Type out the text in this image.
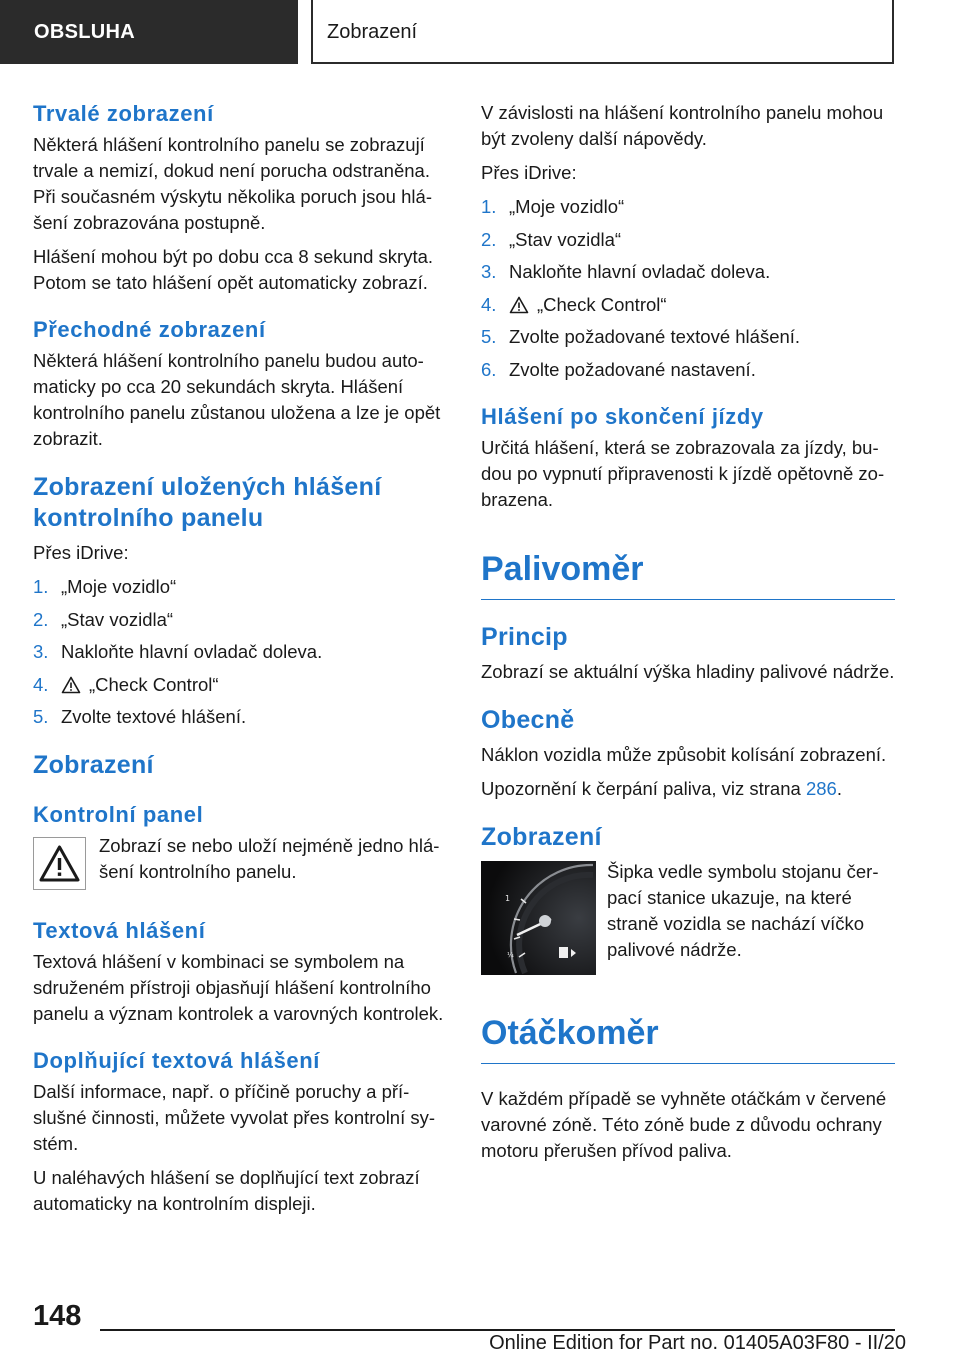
OBSLUHA	Zobrazení
Trvalé zobrazení

Některá hlášení kontrolního panelu se zobrazují trvale a nemizí, dokud není porucha odstraněna. Při současném výskytu několika poruch jsou hlášení zobrazována postupně.

Hlášení mohou být po dobu cca 8 sekund skryta. Potom se tato hlášení opět automaticky zobrazí.

Přechodné zobrazení

Některá hlášení kontrolního panelu budou automaticky po cca 20 sekundách skryta. Hlášení kontrolního panelu zůstanou uložena a lze je opět zobrazit.

Zobrazení uložených hlášení kontrolního panelu

Přes iDrive:

1. „Moje vozidlo“
2. „Stav vozidla“
3. Nakloňte hlavní ovladač doleva.
4. „Check Control“
5. Zvolte textové hlášení.
Zobrazení
Kontrolní panel

Zobrazí se nebo uloží nejméně jedno hlášení kontrolního panelu.

Textová hlášení

Textová hlášení v kombinaci se symbolem na sdruženém přístroji objasňují hlášení kontrolního panelu a význam kontrolek a varovných kontrolek.

Doplňující textová hlášení

Další informace, např. o příčině poruchy a příslušné činnosti, můžete vyvolat přes kontrolní systém.

U naléhavých hlášení se doplňující text zobrazí automaticky na kontrolním displeji.

V závislosti na hlášení kontrolního panelu mohou být zvoleny další nápovědy.

Přes iDrive:

1. „Moje vozidlo“
2. „Stav vozidla“
3. Nakloňte hlavní ovladač doleva.
4. „Check Control“
5. Zvolte požadované textové hlášení.
6. Zvolte požadované nastavení.
Hlášení po skončení jízdy

Určitá hlášení, která se zobrazovala za jízdy, budou po vypnutí připravenosti k jízdě opětovně zobrazena.

Palivoměr
Princip

Zobrazí se aktuální výška hladiny palivové nádrže.

Obecně

Náklon vozidla může způsobit kolísání zobrazení.

Upozornění k čerpání paliva, viz strana 286.

Zobrazení
1
¼

Šipka vedle symbolu stojanu čerpací stanice ukazuje, na které straně vozidla se nachází víčko palivové nádrže.

Otáčkoměr

V každém případě se vyhněte otáčkám v červené varovné zóně. Této zóně bude z důvodu ochrany motoru přerušen přívod paliva.

148
Online Edition for Part no. 01405A03F80 - II/20
